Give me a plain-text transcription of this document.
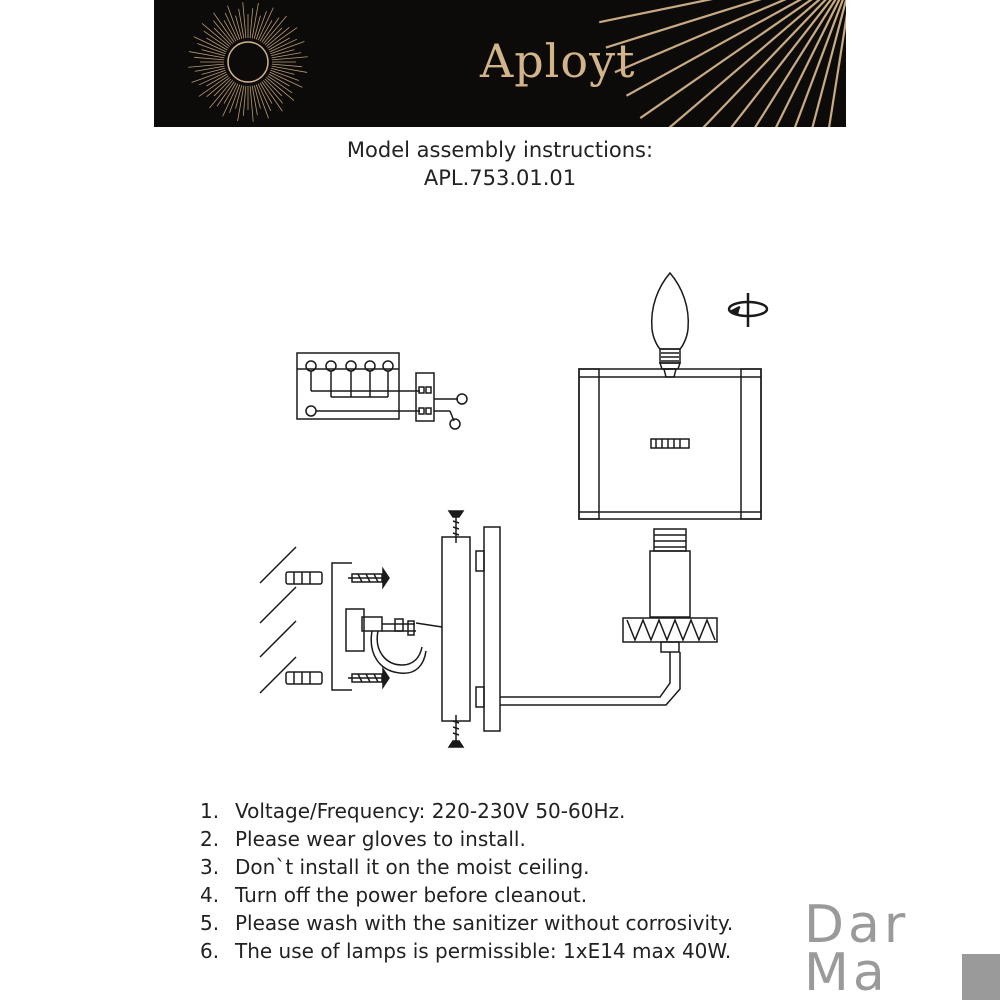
Aployt
Model assembly instructions:
APL.753.01.01
1. Voltage/Frequency: 220-230V 50-60Hz.
2. Please wear gloves to install.
3. Don`t install it on the moist ceiling.
4. Turn off the power before cleanout.
5. Please wash with the sanitizer without corrosivity.
6. The use of lamps is permissible: 1xE14 max 40W. Dar
Ma
